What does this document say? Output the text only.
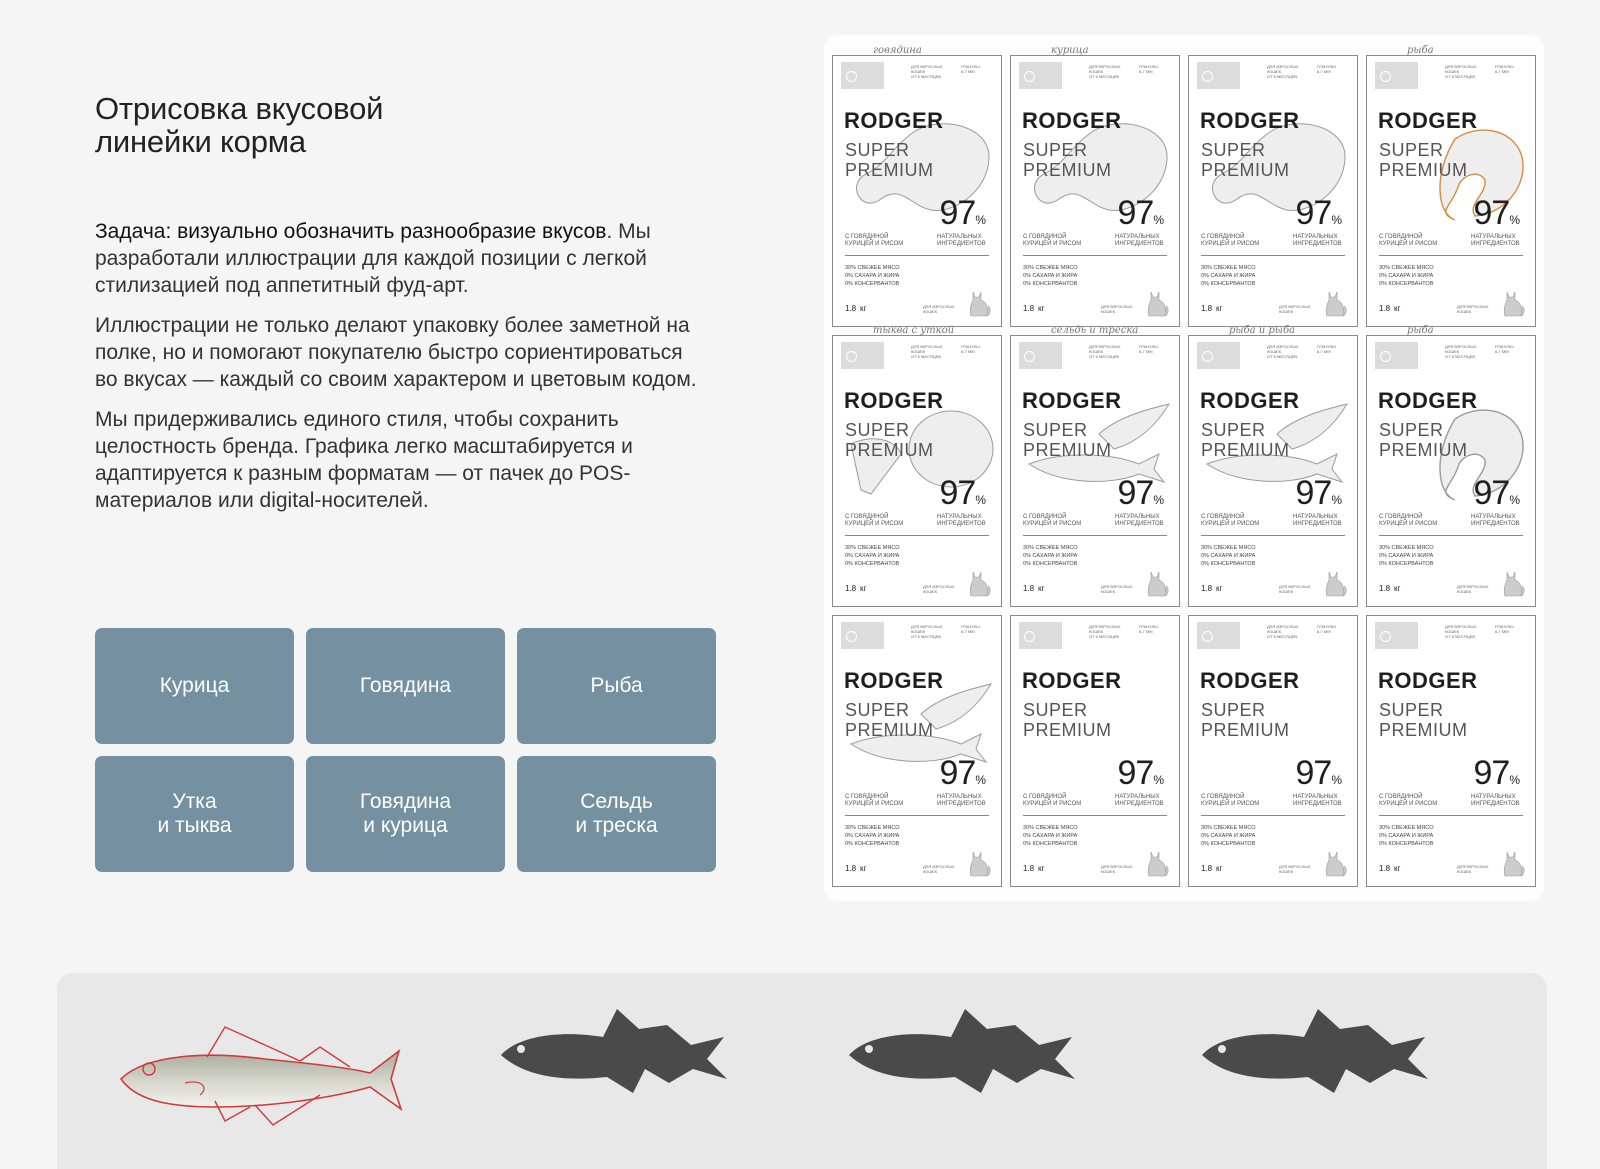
Отрисовка вкусовой
линейки корма

Задача: визуально обозначить разнообразие вкусов. Мы разработали иллюстрации для каждой позиции с легкой стилизацией под аппетитный фуд-арт.

Иллюстрации не только делают упаковку более заметной на полке, но и помогают покупателю быстро сориентироваться во вкусах — каждый со своим характером и цветовым кодом.

Мы придерживались единого стиля, чтобы сохранить целостность бренда. Графика легко масштабируется и адаптируется к разным форматам — от пачек до POS-материалов или digital-носителей.

Курица	Говядина	Рыба
Утка
и тыква
Говядина
и курица
Сельдь
и треска
говядина
ДЛЯ ВЗРОСЛЫХ
КОШЕК
ОТ 6 МЕСЯЦЕВ
ГРАНУЛЫ
6-7 ММ
RODGER
SUPER
PREMIUM
97%
С ГОВЯДИНОЙ
КУРИЦЕЙ И РИСОМ
НАТУРАЛЬНЫХ
ИНГРЕДИЕНТОВ
30% СВЕЖЕЕ МЯСО
0% САХАРА И ЖИРА
0% КОНСЕРВАНТОВ
1.8 кг	ДЛЯ ВЗРОСЛЫХ
КОШЕК
курица
ДЛЯ ВЗРОСЛЫХ
КОШЕК
ОТ 6 МЕСЯЦЕВ
ГРАНУЛЫ
6-7 ММ
RODGER
SUPER
PREMIUM
97%
С ГОВЯДИНОЙ
КУРИЦЕЙ И РИСОМ
НАТУРАЛЬНЫХ
ИНГРЕДИЕНТОВ
30% СВЕЖЕЕ МЯСО
0% САХАРА И ЖИРА
0% КОНСЕРВАНТОВ
1.8 кг	ДЛЯ ВЗРОСЛЫХ
КОШЕК
ДЛЯ ВЗРОСЛЫХ
КОШЕК
ОТ 6 МЕСЯЦЕВ
ГРАНУЛЫ
6-7 ММ
RODGER
SUPER
PREMIUM
97%
С ГОВЯДИНОЙ
КУРИЦЕЙ И РИСОМ
НАТУРАЛЬНЫХ
ИНГРЕДИЕНТОВ
30% СВЕЖЕЕ МЯСО
0% САХАРА И ЖИРА
0% КОНСЕРВАНТОВ
1.8 кг	ДЛЯ ВЗРОСЛЫХ
КОШЕК
рыба
ДЛЯ ВЗРОСЛЫХ
КОШЕК
ОТ 6 МЕСЯЦЕВ
ГРАНУЛЫ
6-7 ММ
RODGER
SUPER
PREMIUM
97%
С ГОВЯДИНОЙ
КУРИЦЕЙ И РИСОМ
НАТУРАЛЬНЫХ
ИНГРЕДИЕНТОВ
30% СВЕЖЕЕ МЯСО
0% САХАРА И ЖИРА
0% КОНСЕРВАНТОВ
1.8 кг	ДЛЯ ВЗРОСЛЫХ
КОШЕК
тыква с уткой
ДЛЯ ВЗРОСЛЫХ
КОШЕК
ОТ 6 МЕСЯЦЕВ
ГРАНУЛЫ
6-7 ММ
RODGER
SUPER
PREMIUM
97%
С ГОВЯДИНОЙ
КУРИЦЕЙ И РИСОМ
НАТУРАЛЬНЫХ
ИНГРЕДИЕНТОВ
30% СВЕЖЕЕ МЯСО
0% САХАРА И ЖИРА
0% КОНСЕРВАНТОВ
1.8 кг	ДЛЯ ВЗРОСЛЫХ
КОШЕК
сельдь и треска
ДЛЯ ВЗРОСЛЫХ
КОШЕК
ОТ 6 МЕСЯЦЕВ
ГРАНУЛЫ
6-7 ММ
RODGER
SUPER
PREMIUM
97%
С ГОВЯДИНОЙ
КУРИЦЕЙ И РИСОМ
НАТУРАЛЬНЫХ
ИНГРЕДИЕНТОВ
30% СВЕЖЕЕ МЯСО
0% САХАРА И ЖИРА
0% КОНСЕРВАНТОВ
1.8 кг	ДЛЯ ВЗРОСЛЫХ
КОШЕК
рыба и рыба
ДЛЯ ВЗРОСЛЫХ
КОШЕК
ОТ 6 МЕСЯЦЕВ
ГРАНУЛЫ
6-7 ММ
RODGER
SUPER
PREMIUM
97%
С ГОВЯДИНОЙ
КУРИЦЕЙ И РИСОМ
НАТУРАЛЬНЫХ
ИНГРЕДИЕНТОВ
30% СВЕЖЕЕ МЯСО
0% САХАРА И ЖИРА
0% КОНСЕРВАНТОВ
1.8 кг	ДЛЯ ВЗРОСЛЫХ
КОШЕК
рыба
ДЛЯ ВЗРОСЛЫХ
КОШЕК
ОТ 6 МЕСЯЦЕВ
ГРАНУЛЫ
6-7 ММ
RODGER
SUPER
PREMIUM
97%
С ГОВЯДИНОЙ
КУРИЦЕЙ И РИСОМ
НАТУРАЛЬНЫХ
ИНГРЕДИЕНТОВ
30% СВЕЖЕЕ МЯСО
0% САХАРА И ЖИРА
0% КОНСЕРВАНТОВ
1.8 кг	ДЛЯ ВЗРОСЛЫХ
КОШЕК
ДЛЯ ВЗРОСЛЫХ
КОШЕК
ОТ 6 МЕСЯЦЕВ
ГРАНУЛЫ
6-7 ММ
RODGER
SUPER
PREMIUM
97%
С ГОВЯДИНОЙ
КУРИЦЕЙ И РИСОМ
НАТУРАЛЬНЫХ
ИНГРЕДИЕНТОВ
30% СВЕЖЕЕ МЯСО
0% САХАРА И ЖИРА
0% КОНСЕРВАНТОВ
1.8 кг	ДЛЯ ВЗРОСЛЫХ
КОШЕК
ДЛЯ ВЗРОСЛЫХ
КОШЕК
ОТ 6 МЕСЯЦЕВ
ГРАНУЛЫ
6-7 ММ
RODGER
SUPER
PREMIUM
97%
С ГОВЯДИНОЙ
КУРИЦЕЙ И РИСОМ
НАТУРАЛЬНЫХ
ИНГРЕДИЕНТОВ
30% СВЕЖЕЕ МЯСО
0% САХАРА И ЖИРА
0% КОНСЕРВАНТОВ
1.8 кг	ДЛЯ ВЗРОСЛЫХ
КОШЕК
ДЛЯ ВЗРОСЛЫХ
КОШЕК
ОТ 6 МЕСЯЦЕВ
ГРАНУЛЫ
6-7 ММ
RODGER
SUPER
PREMIUM
97%
С ГОВЯДИНОЙ
КУРИЦЕЙ И РИСОМ
НАТУРАЛЬНЫХ
ИНГРЕДИЕНТОВ
30% СВЕЖЕЕ МЯСО
0% САХАРА И ЖИРА
0% КОНСЕРВАНТОВ
1.8 кг	ДЛЯ ВЗРОСЛЫХ
КОШЕК
ДЛЯ ВЗРОСЛЫХ
КОШЕК
ОТ 6 МЕСЯЦЕВ
ГРАНУЛЫ
6-7 ММ
RODGER
SUPER
PREMIUM
97%
С ГОВЯДИНОЙ
КУРИЦЕЙ И РИСОМ
НАТУРАЛЬНЫХ
ИНГРЕДИЕНТОВ
30% СВЕЖЕЕ МЯСО
0% САХАРА И ЖИРА
0% КОНСЕРВАНТОВ
1.8 кг	ДЛЯ ВЗРОСЛЫХ
КОШЕК
